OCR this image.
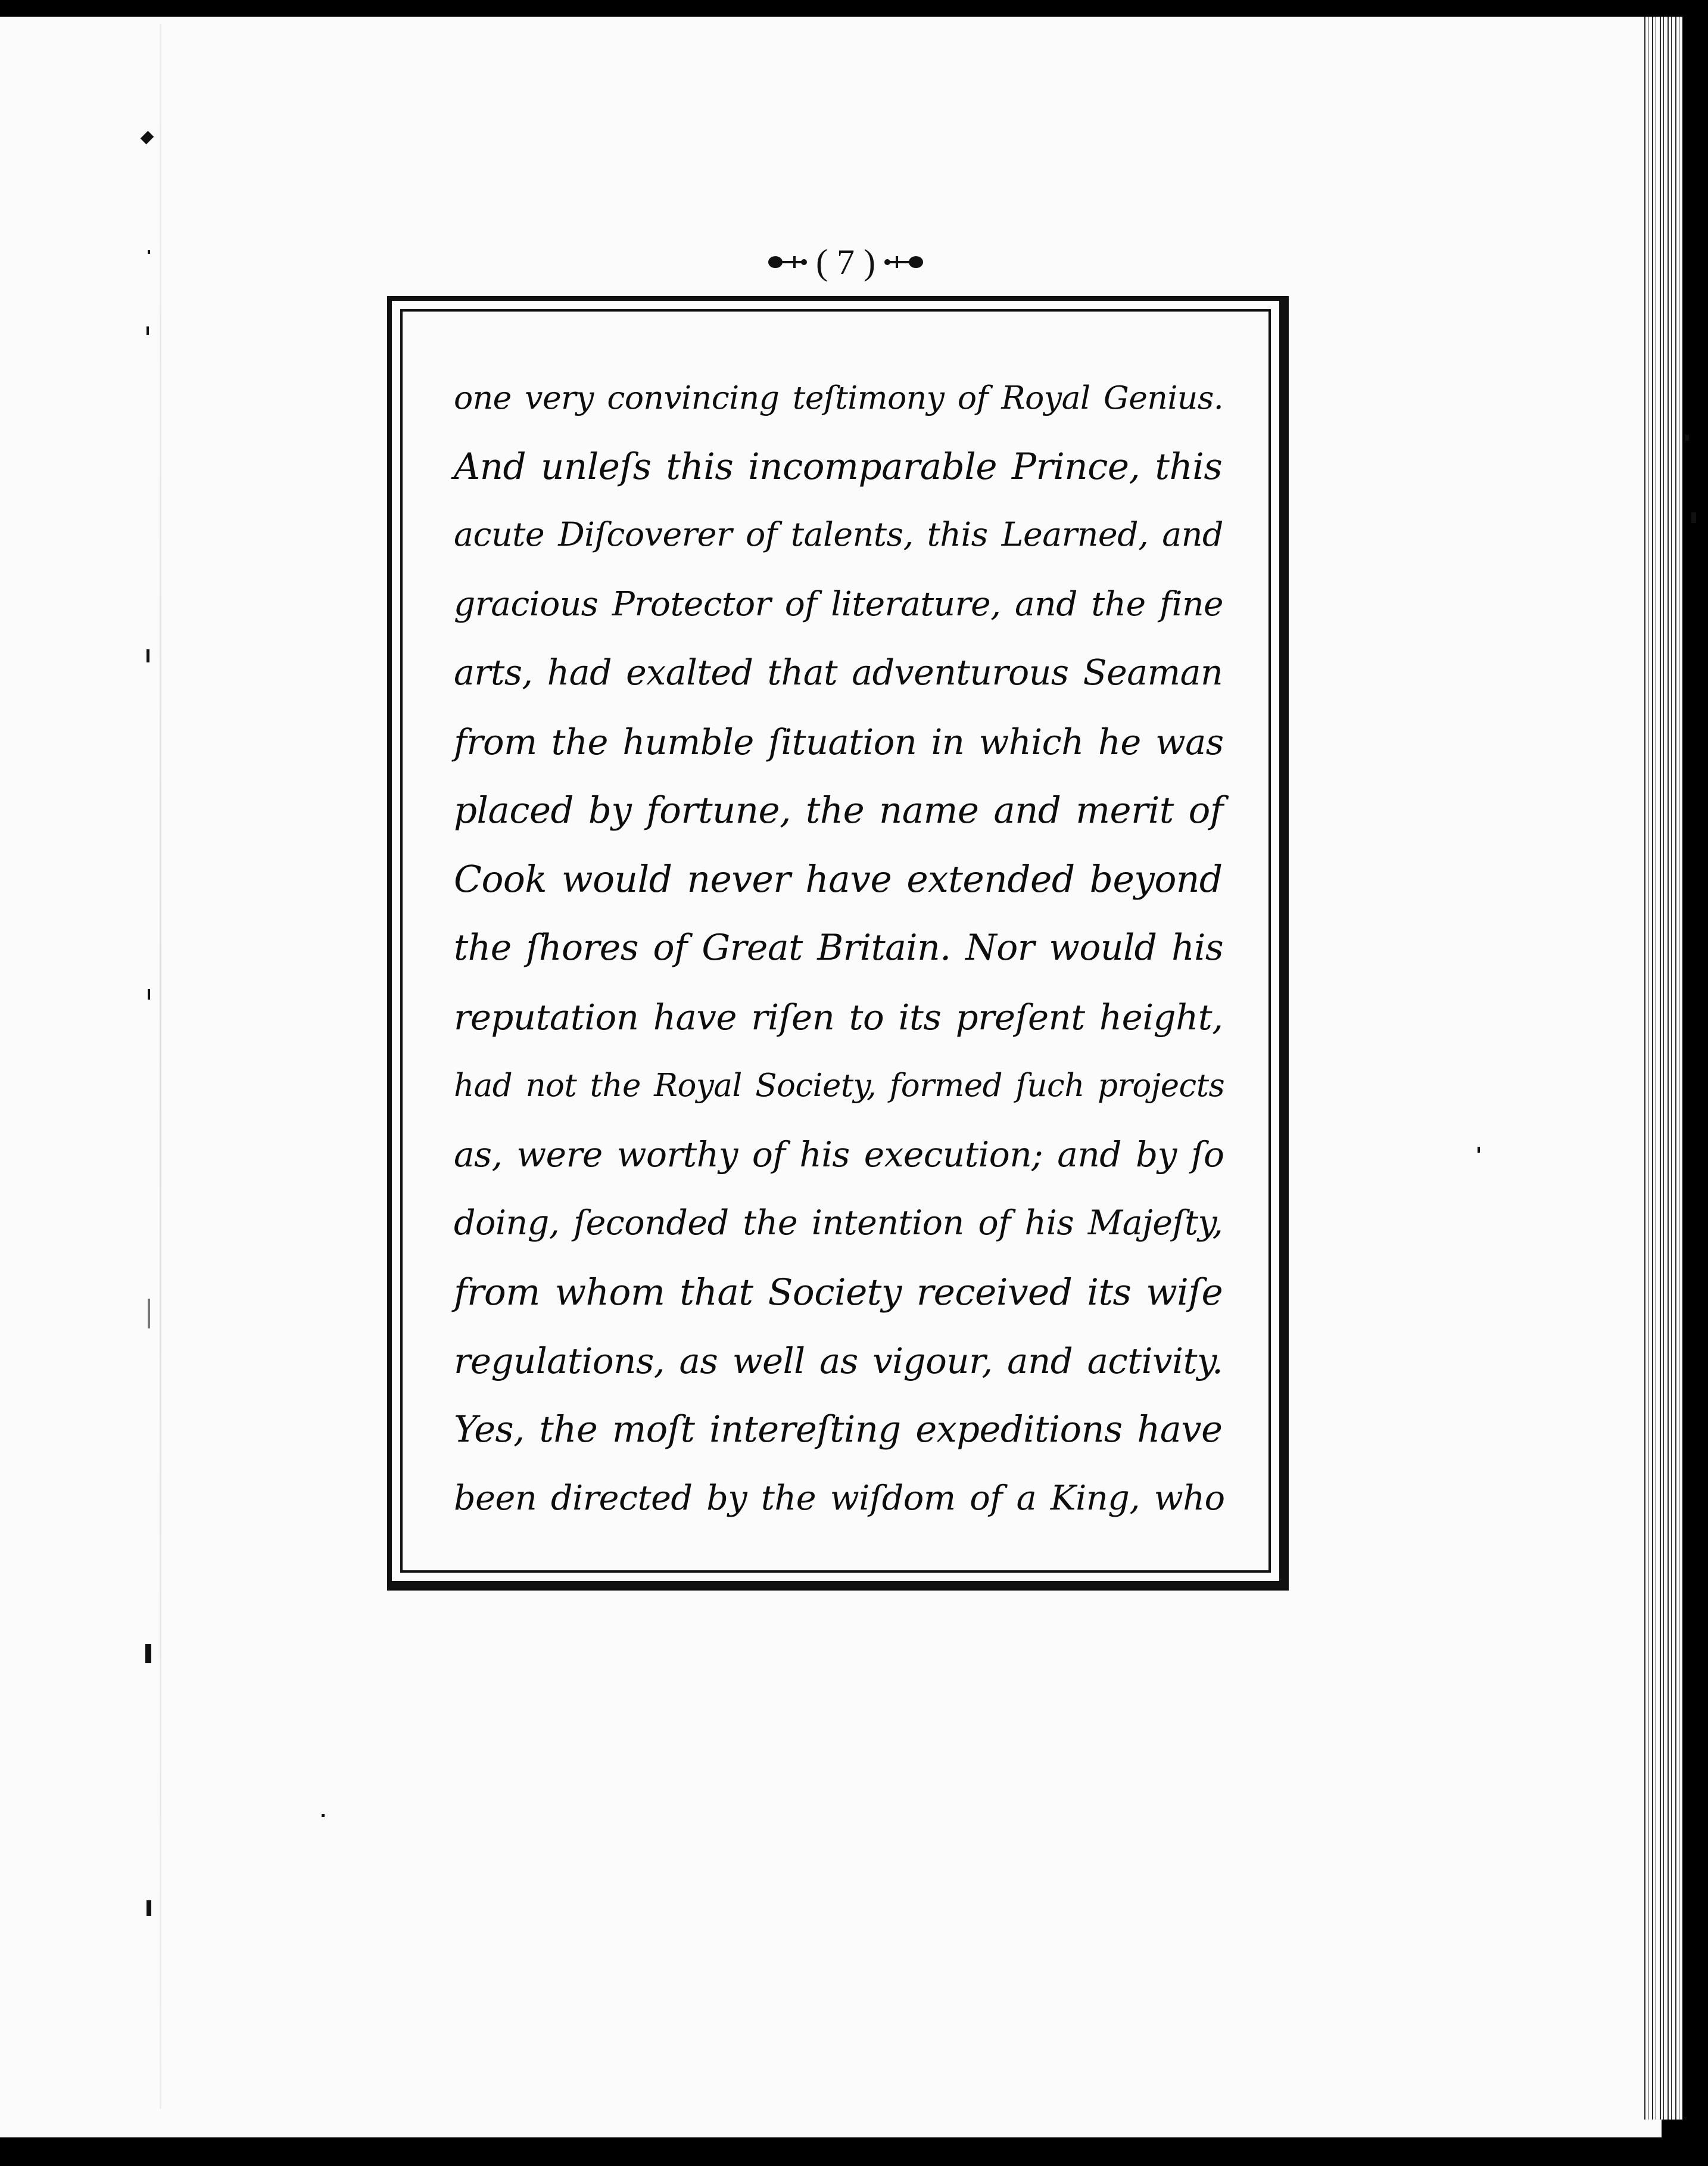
( 7 )
one very convincing teſtimony of Royal Genius.
And unleſs this incomparable Prince, this
acute Diſcoverer of talents, this Learned, and
gracious Protector of literature, and the fine
arts, had exalted that adventurous Seaman
from the humble ſituation in which he was
placed by fortune, the name and merit of
Cook would never have extended beyond
the ſhores of Great Britain. Nor would his
reputation have riſen to its preſent height,
had not the Royal Society, formed ſuch projects
as, were worthy of his execution; and by ſo
doing, ſeconded the intention of his Majeſty,
from whom that Society received its wiſe
regulations, as well as vigour, and activity.
Yes, the moſt intereſting expeditions have
been directed by the wiſdom of a King, who
